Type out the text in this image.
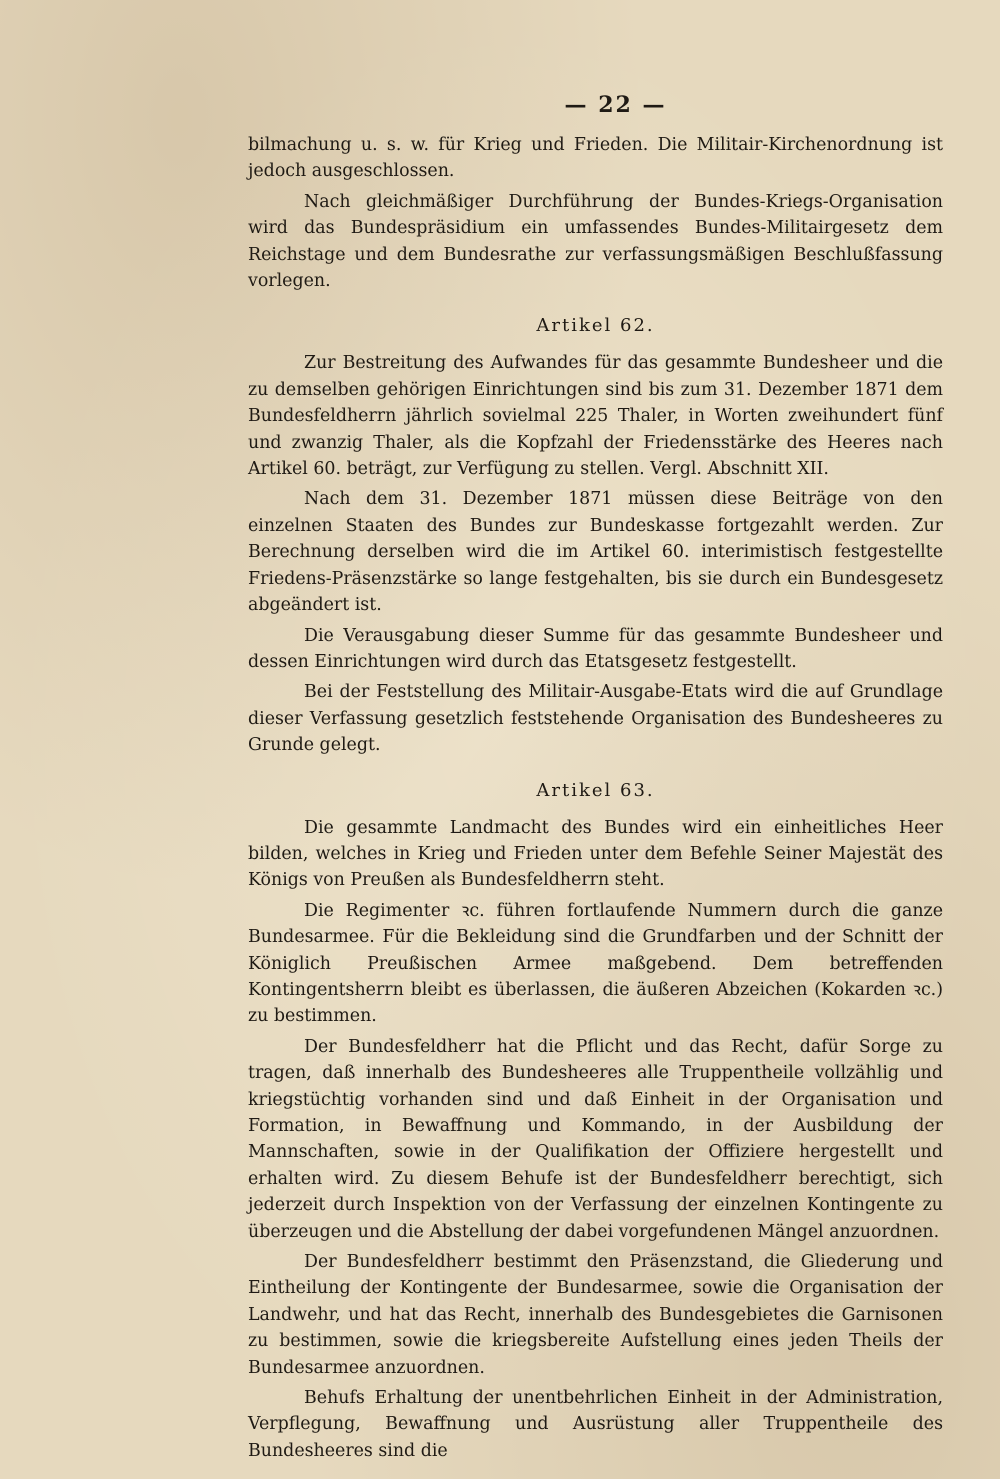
— 22 —

bilmachung u. s. w. für Krieg und Frieden. Die Militair-Kirchenordnung ist jedoch ausgeschlossen.

Nach gleichmäßiger Durchführung der Bundes-Kriegs-Organisation wird das Bundespräsidium ein umfassendes Bundes-Militairgesetz dem Reichstage und dem Bundesrathe zur verfassungsmäßigen Beschlußfassung vorlegen.

Artikel 62.

Zur Bestreitung des Aufwandes für das gesammte Bundesheer und die zu demselben gehörigen Einrichtungen sind bis zum 31. Dezember 1871 dem Bundesfeldherrn jährlich sovielmal 225 Thaler, in Worten zweihundert fünf und zwanzig Thaler, als die Kopfzahl der Friedensstärke des Heeres nach Artikel 60. beträgt, zur Verfügung zu stellen. Vergl. Abschnitt XII.

Nach dem 31. Dezember 1871 müssen diese Beiträge von den einzelnen Staaten des Bundes zur Bundeskasse fortgezahlt werden. Zur Berechnung derselben wird die im Artikel 60. interimistisch festgestellte Friedens-Präsenzstärke so lange festgehalten, bis sie durch ein Bundesgesetz abgeändert ist.

Die Verausgabung dieser Summe für das gesammte Bundesheer und dessen Einrichtungen wird durch das Etatsgesetz festgestellt.

Bei der Feststellung des Militair-Ausgabe-Etats wird die auf Grundlage dieser Verfassung gesetzlich feststehende Organisation des Bundesheeres zu Grunde gelegt.

Artikel 63.

Die gesammte Landmacht des Bundes wird ein einheitliches Heer bilden, welches in Krieg und Frieden unter dem Befehle Seiner Majestät des Königs von Preußen als Bundesfeldherrn steht.

Die Regimenter ꝛc. führen fortlaufende Nummern durch die ganze Bundesarmee. Für die Bekleidung sind die Grundfarben und der Schnitt der Königlich Preußischen Armee maßgebend. Dem betreffenden Kontingentsherrn bleibt es überlassen, die äußeren Abzeichen (Kokarden ꝛc.) zu bestimmen.

Der Bundesfeldherr hat die Pflicht und das Recht, dafür Sorge zu tragen, daß innerhalb des Bundesheeres alle Truppentheile vollzählig und kriegstüchtig vorhanden sind und daß Einheit in der Organisation und Formation, in Bewaffnung und Kommando, in der Ausbildung der Mannschaften, sowie in der Qualifikation der Offiziere hergestellt und erhalten wird. Zu diesem Behufe ist der Bundesfeldherr berechtigt, sich jederzeit durch Inspektion von der Verfassung der einzelnen Kontingente zu überzeugen und die Abstellung der dabei vorgefundenen Mängel anzuordnen.

Der Bundesfeldherr bestimmt den Präsenzstand, die Gliederung und Eintheilung der Kontingente der Bundesarmee, sowie die Organisation der Landwehr, und hat das Recht, innerhalb des Bundesgebietes die Garnisonen zu bestimmen, sowie die kriegsbereite Aufstellung eines jeden Theils der Bundesarmee anzuordnen.

Behufs Erhaltung der unentbehrlichen Einheit in der Administration, Verpflegung, Bewaffnung und Ausrüstung aller Truppentheile des Bundesheeres sind die
